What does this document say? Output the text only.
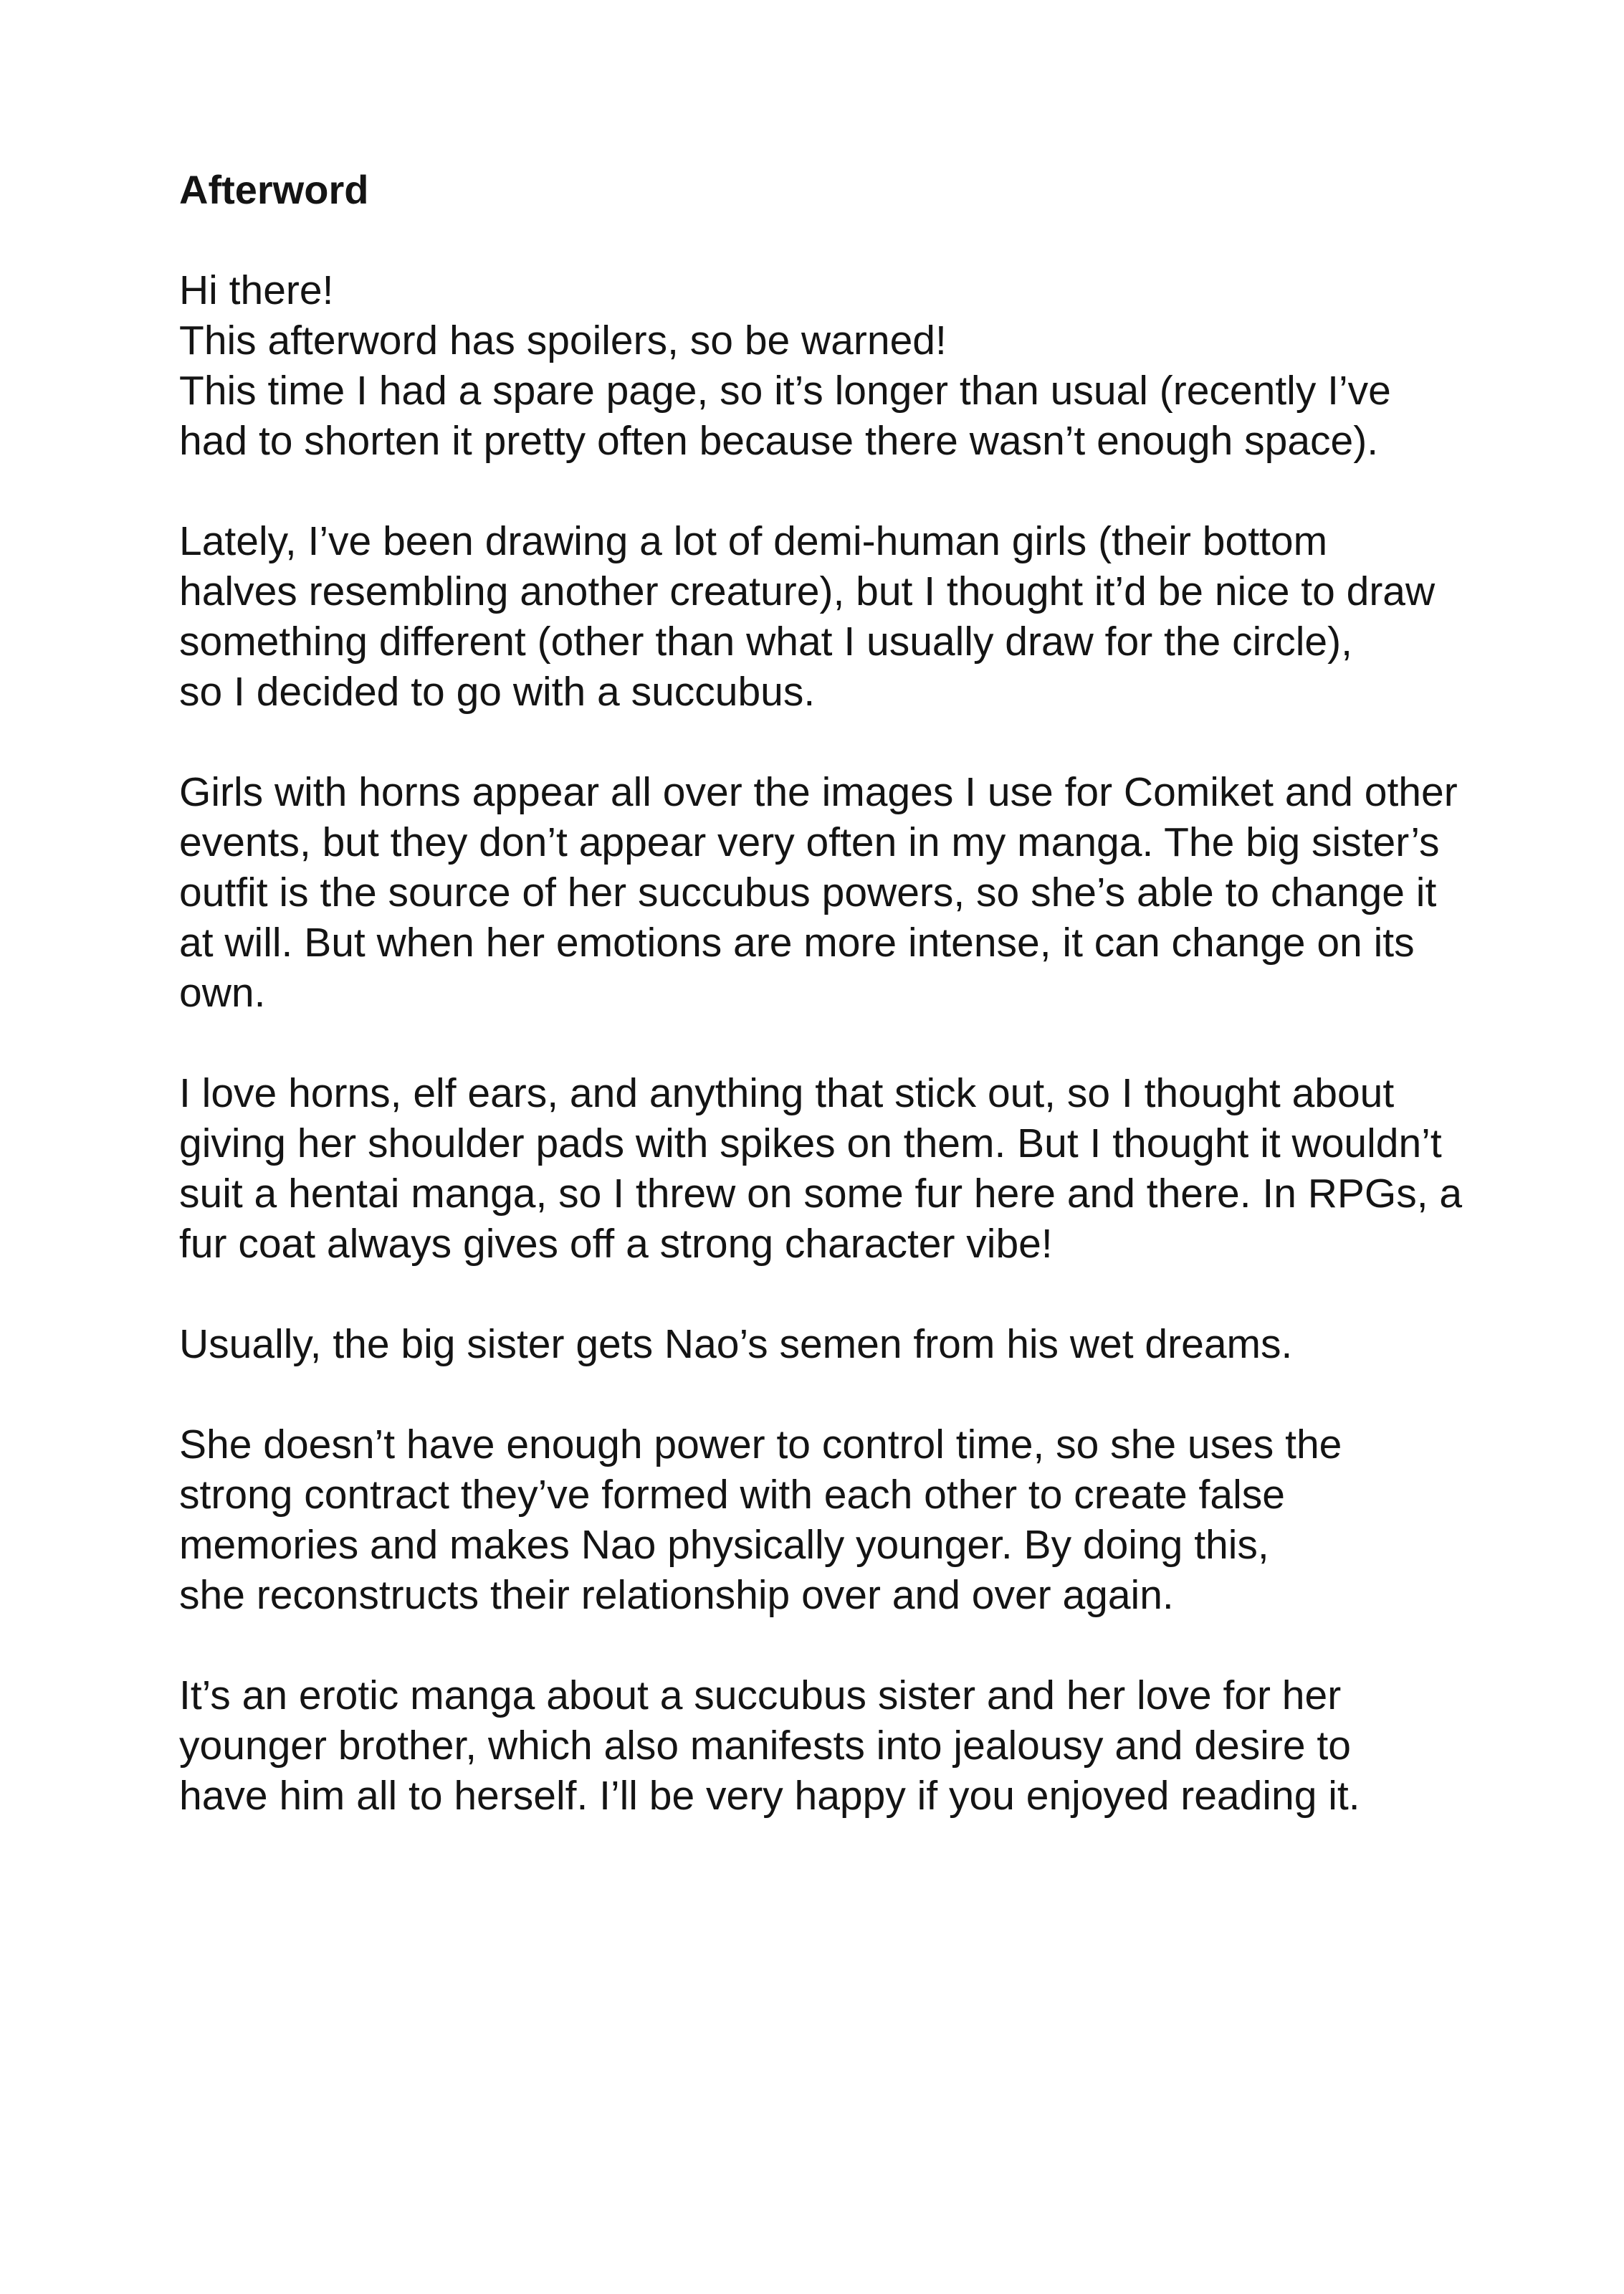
Afterword
Hi there!
This afterword has spoilers, so be warned!
This time I had a spare page, so it’s longer than usual (recently I’ve
had to shorten it pretty often because there wasn’t enough space).
Lately, I’ve been drawing a lot of demi-human girls (their bottom
halves resembling another creature), but I thought it’d be nice to draw
something different (other than what I usually draw for the circle),
so I decided to go with a succubus.
Girls with horns appear all over the images I use for Comiket and other
events, but they don’t appear very often in my manga. The big sister’s
outfit is the source of her succubus powers, so she’s able to change it
at will. But when her emotions are more intense, it can change on its
own.
I love horns, elf ears, and anything that stick out, so I thought about
giving her shoulder pads with spikes on them. But I thought it wouldn’t
suit a hentai manga, so I threw on some fur here and there. In RPGs, a
fur coat always gives off a strong character vibe!
Usually, the big sister gets Nao’s semen from his wet dreams.
She doesn’t have enough power to control time, so she uses the
strong contract they’ve formed with each other to create false
memories and makes Nao physically younger. By doing this,
she reconstructs their relationship over and over again.
It’s an erotic manga about a succubus sister and her love for her
younger brother, which also manifests into jealousy and desire to
have him all to herself. I’ll be very happy if you enjoyed reading it.
